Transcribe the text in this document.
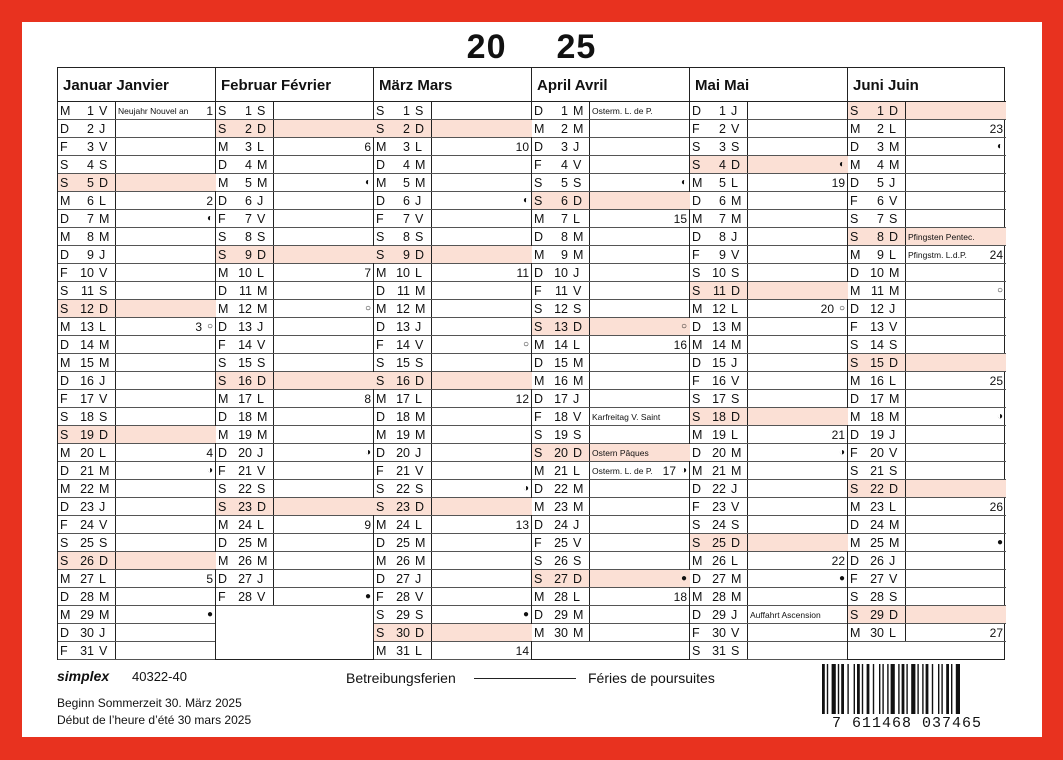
20 25
Januar Janvier
M	1 V	Neujahr Nouvel an 1
D	2 J
F	3 V
S	4 S
S	5 D
M	6 L	2
D	7 M	◐
M	8 M
D	9 J
F 10 V
S	11 S
S 12 D
M 13 L	3 ○
D 14 M
M 15 M
D 16 J
F 17 V
S 18 S
S 19 D
M 20 L	4
D 21 M	◑
M 22 M
D 23 J
F 24 V
S 25 S
S 26 D
M 27 L	5
D 28 M
M 29 M	●
D 30 J
F 31 V
Februar Février
S	1 S
S	2 D
M	3 L	6
D	4 M
M	5 M	◐
D	6 J
F	7 V
S	8 S
S	9 D
M 10 L	7
D 11 M
M 12 M	○
D 13 J
F 14 V
S 15 S
S 16 D
M 17 L	8
D 18 M
M 19 M
D 20 J	◑
F 21 V
S 22 S
S 23 D
M 24 L	9
D 25 M
M 26 M
D 27 J
F 28 V	●
März Mars
S	1 S
S	2 D
M	3 L	10
D	4 M
M	5 M
D	6 J	◐
F	7 V
S	8 S
S	9 D
M 10 L	11
D 11 M
M 12 M
D 13 J
F 14 V	○
S 15 S
S 16 D
M 17 L	12
D 18 M
M 19 M
D 20 J
F 21 V
S 22 S	◑
S 23 D
M 24 L	13
D 25 M
M 26 M
D 27 J
F 28 V
S 29 S	●
S 30 D
M 31 L	14
April Avril
D	1 M	Osterm. L. de P.
M	2 M
D	3 J
F	4 V
S	5 S	◐
S	6 D
M	7 L	15
D	8 M
M	9 M
D 10 J
F	11 V
S 12 S
S 13 D	○
M 14 L	16
D 15 M
M 16 M
D 17 J
F 18 V	Karfreitag V. Saint
S 19 S
S 20 D	Ostern Pâques
M 21 L	Osterm. L. de P. 17 ◑
D 22 M
M 23 M
D 24 J
F 25 V
S 26 S
S 27 D	●
M 28 L	18
D 29 M
M 30 M
Mai Mai
D	1 J
F	2 V
S	3 S
S	4 D	◐
M	5 L	19
D	6 M
M	7 M
D	8 J
F	9 V
S 10 S
S	11 D
M 12 L	20 ○
D 13 M
M 14 M
D 15 J
F 16 V
S 17 S
S 18 D
M 19 L	21
D 20 M	◑
M 21 M
D 22 J
F 23 V
S 24 S
S 25 D
M 26 L	22
D 27 M	●
M 28 M
D 29 J	Auffahrt Ascension
F 30 V
S 31 S
Juni Juin
S	1 D
M	2 L	23
D	3 M	◐
M	4 M
D	5 J
F	6 V
S	7 S
S	8 D	Pfingsten Pentec.
M	9 L	Pfingstm. L.d.P. 24
D 10 M
M 11 M	○
D 12 J
F 13 V
S 14 S
S 15 D
M 16 L	25
D 17 M
M 18 M	◑
D 19 J
F 20 V
S 21 S
S 22 D
M 23 L	26
D 24 M
M 25 M	●
D 26 J
F 27 V
S 28 S
S 29 D
M 30 L	27
simplex 40322-40	Betreibungsferien	Féries de poursuites
Beginn Sommerzeit 30. März 2025
Début de l’heure d’été 30 mars 2025	7 611468 037465
